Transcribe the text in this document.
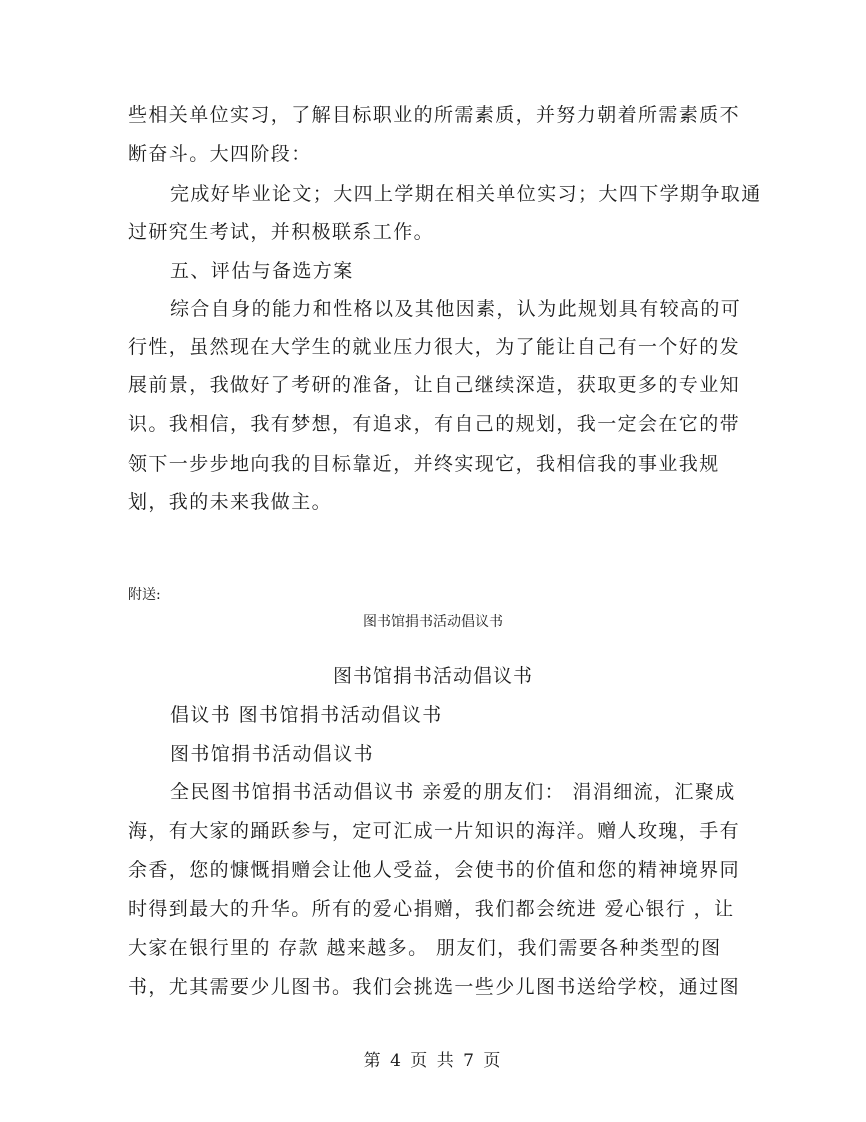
些相关单位实习，了解目标职业的所需素质，并努力朝着所需素质不
断奋斗。大四阶段：
完成好毕业论文；大四上学期在相关单位实习；大四下学期争取通
过研究生考试，并积极联系工作。
五、评估与备选方案
综合自身的能力和性格以及其他因素，认为此规划具有较高的可
行性，虽然现在大学生的就业压力很大，为了能让自己有一个好的发
展前景，我做好了考研的准备，让自己继续深造，获取更多的专业知
识。我相信，我有梦想，有追求，有自己的规划，我一定会在它的带
领下一步步地向我的目标靠近，并终实现它，我相信我的事业我规
划，我的未来我做主。
附送:
图书馆捐书活动倡议书
图书馆捐书活动倡议书
倡议书 图书馆捐书活动倡议书
图书馆捐书活动倡议书
全民图书馆捐书活动倡议书 亲爱的朋友们： 涓涓细流，汇聚成
海，有大家的踊跃参与，定可汇成一片知识的海洋。赠人玫瑰，手有
余香，您的慷慨捐赠会让他人受益，会使书的价值和您的精神境界同
时得到最大的升华。所有的爱心捐赠，我们都会统进 爱心银行 ，让
大家在银行里的 存款 越来越多。 朋友们，我们需要各种类型的图
书，尤其需要少儿图书。我们会挑选一些少儿图书送给学校，通过图
第 4 页 共 7 页
